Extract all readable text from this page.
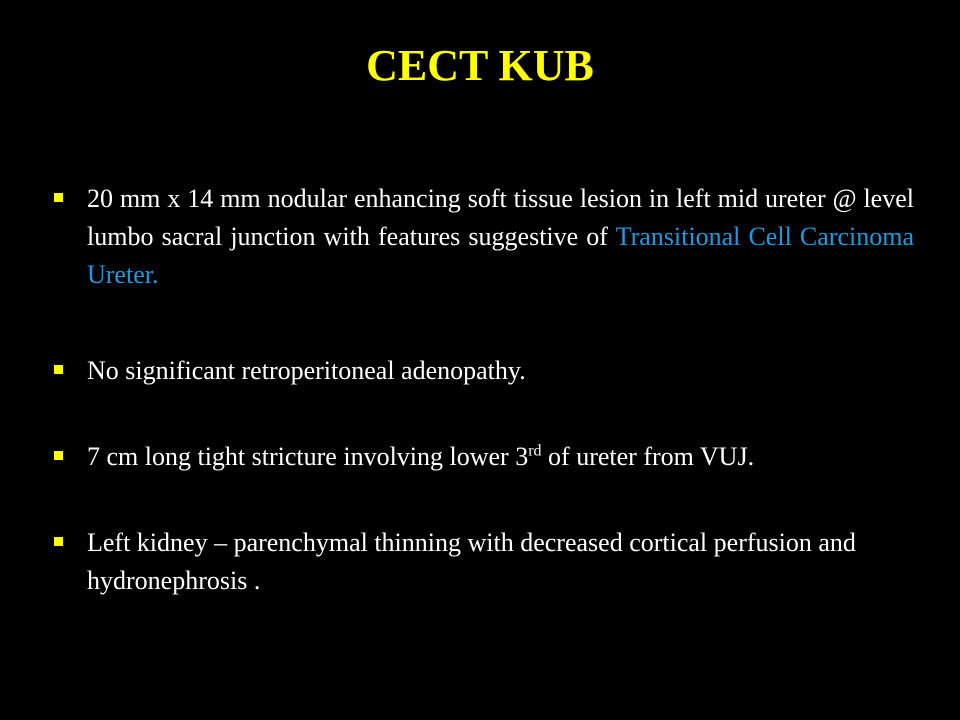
CECT KUB
20 mm x 14 mm nodular enhancing soft tissue lesion in left mid ureter @ level lumbo sacral junction with features suggestive of Transitional Cell Carcinoma Ureter.
No significant retroperitoneal adenopathy.
7 cm long tight stricture involving lower 3rd of ureter from VUJ.
Left kidney – parenchymal thinning with decreased cortical perfusion and hydronephrosis .
